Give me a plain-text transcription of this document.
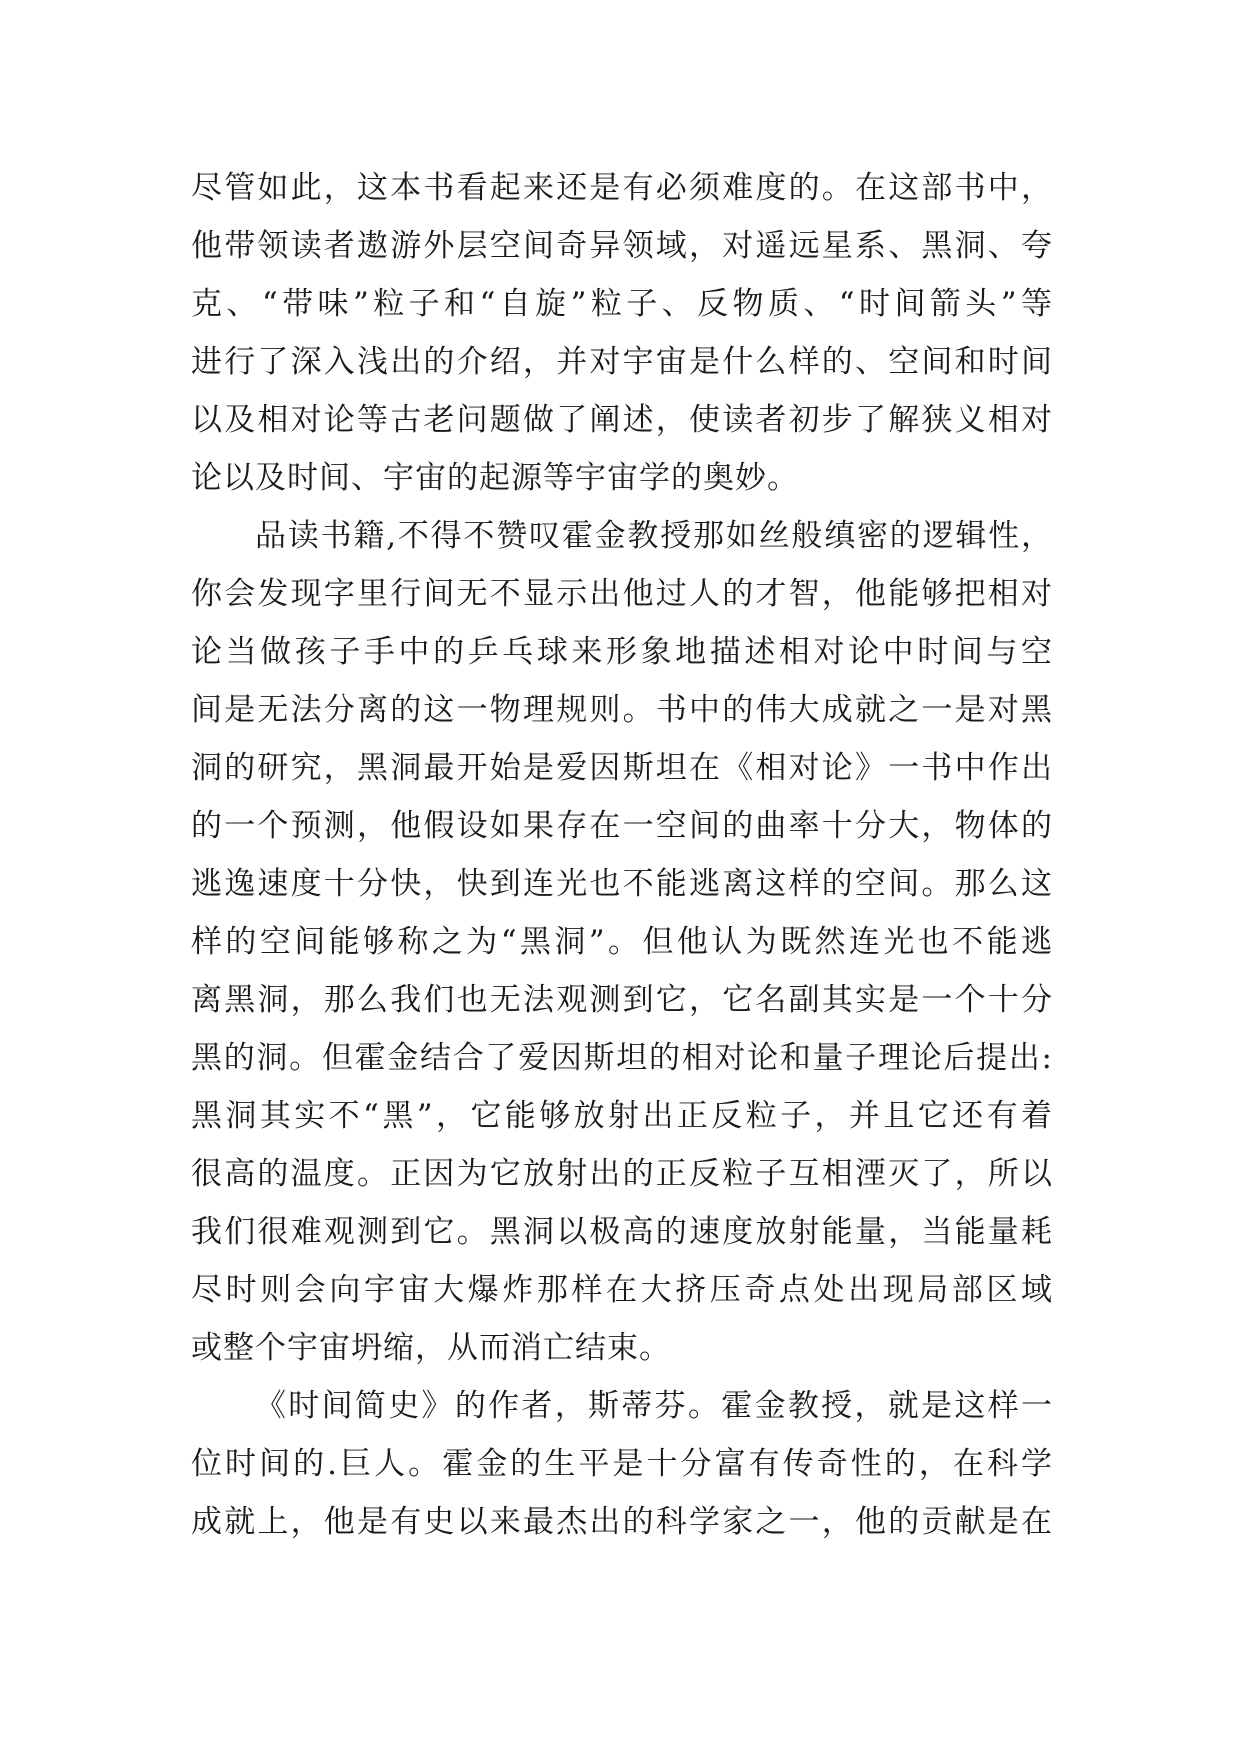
尽管如此，这本书看起来还是有必须难度的。在这部书中，
他带领读者遨游外层空间奇异领域，对遥远星系、黑洞、夸
克、“带味”粒子和“自旋”粒子、反物质、“时间箭头”等
进行了深入浅出的介绍，并对宇宙是什么样的、空间和时间
以及相对论等古老问题做了阐述，使读者初步了解狭义相对
论以及时间、宇宙的起源等宇宙学的奥妙。
品读书籍,不得不赞叹霍金教授那如丝般缜密的逻辑性，
你会发现字里行间无不显示出他过人的才智，他能够把相对
论当做孩子手中的乒乓球来形象地描述相对论中时间与空
间是无法分离的这一物理规则。书中的伟大成就之一是对黑
洞的研究，黑洞最开始是爱因斯坦在《相对论》一书中作出
的一个预测，他假设如果存在一空间的曲率十分大，物体的
逃逸速度十分快，快到连光也不能逃离这样的空间。那么这
样的空间能够称之为“黑洞”。但他认为既然连光也不能逃
离黑洞，那么我们也无法观测到它，它名副其实是一个十分
黑的洞。但霍金结合了爱因斯坦的相对论和量子理论后提出:
黑洞其实不“黑”，它能够放射出正反粒子，并且它还有着
很高的温度。正因为它放射出的正反粒子互相湮灭了，所以
我们很难观测到它。黑洞以极高的速度放射能量，当能量耗
尽时则会向宇宙大爆炸那样在大挤压奇点处出现局部区域
或整个宇宙坍缩，从而消亡结束。
《时间简史》的作者，斯蒂芬。霍金教授，就是这样一
位时间的.巨人。霍金的生平是十分富有传奇性的，在科学
成就上，他是有史以来最杰出的科学家之一，他的贡献是在
